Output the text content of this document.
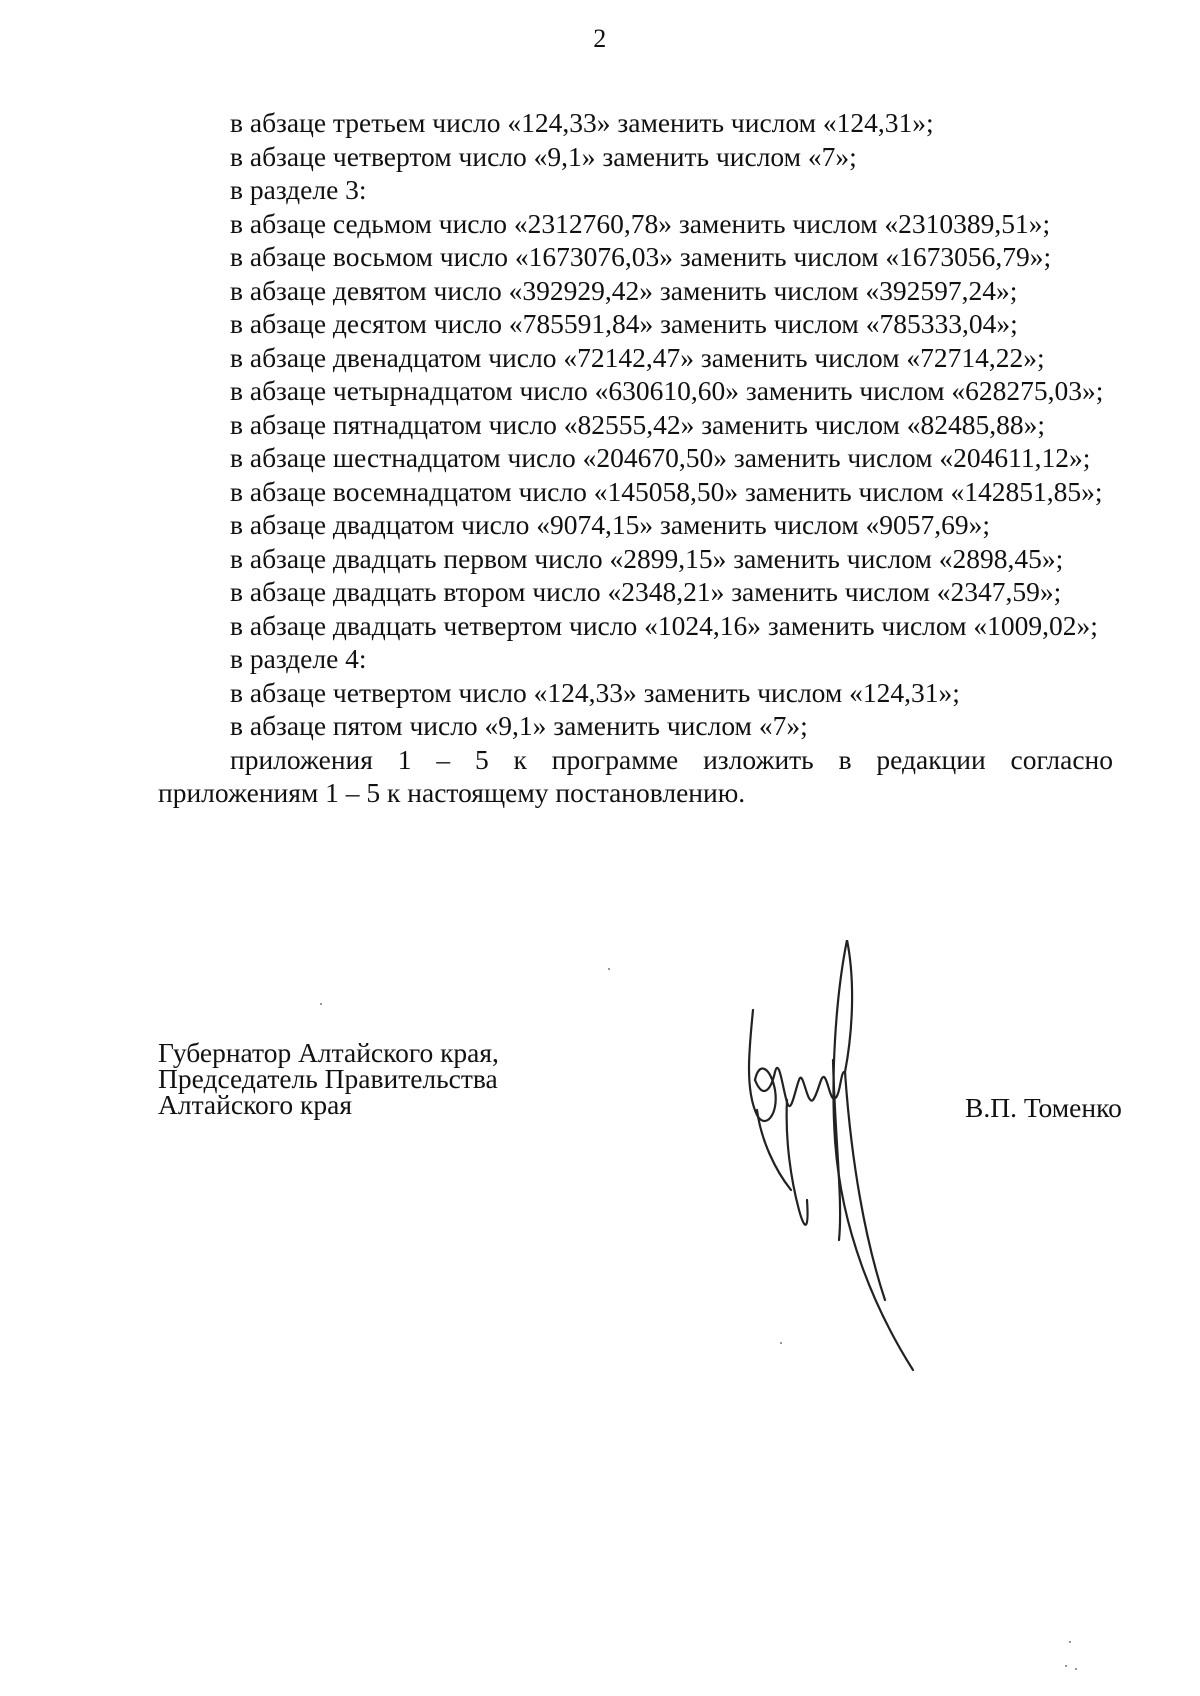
2

в абзаце третьем число «124,33» заменить числом «124,31»;

в абзаце четвертом число «9,1» заменить числом «7»;

в разделе 3:

в абзаце седьмом число «2312760,78» заменить числом «2310389,51»;

в абзаце восьмом число «1673076,03» заменить числом «1673056,79»;

в абзаце девятом число «392929,42» заменить числом «392597,24»;

в абзаце десятом число «785591,84» заменить числом «785333,04»;

в абзаце двенадцатом число «72142,47» заменить числом «72714,22»;

в абзаце четырнадцатом число «630610,60» заменить числом «628275,03»;

в абзаце пятнадцатом число «82555,42» заменить числом «82485,88»;

в абзаце шестнадцатом число «204670,50» заменить числом «204611,12»;

в абзаце восемнадцатом число «145058,50» заменить числом «142851,85»;

в абзаце двадцатом число «9074,15» заменить числом «9057,69»;

в абзаце двадцать первом число «2899,15» заменить числом «2898,45»;

в абзаце двадцать втором число «2348,21» заменить числом «2347,59»;

в абзаце двадцать четвертом число «1024,16» заменить числом «1009,02»;

в разделе 4:

в абзаце четвертом число «124,33» заменить числом «124,31»;

в абзаце пятом число «9,1» заменить числом «7»;

приложения 1 – 5 к программе изложить в редакции согласно приложениям 1 – 5 к настоящему постановлению.

Губернатор Алтайского края,
Председатель Правительства
Алтайского края	В.П. Томенко
